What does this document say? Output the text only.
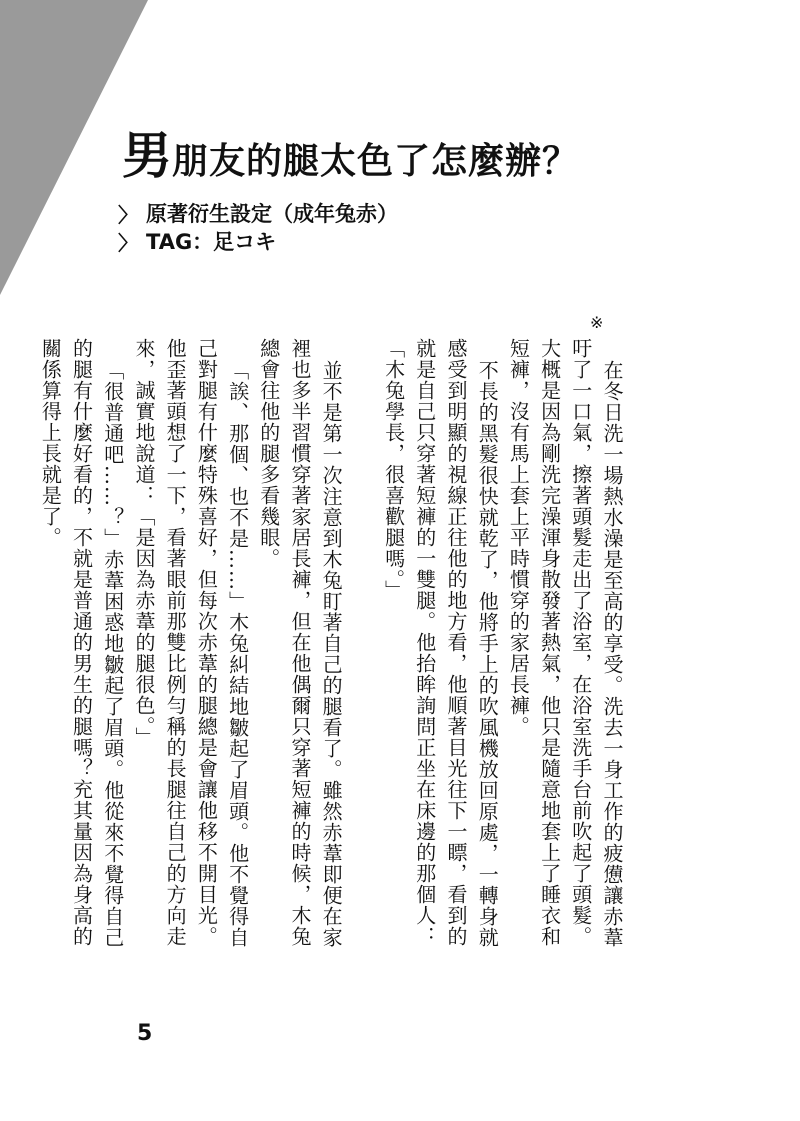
男 朋友的腿太色了怎麼辦？
〉 原著衍生設定（成年兔赤）
〉 TAG：足コキ
※

在冬日洗一場熱水澡是至高的享受。洗去一身工作的疲憊讓赤葦吁了一口氣，擦著頭髮走出了浴室，在浴室洗手台前吹起了頭髮。大概是因為剛洗完澡渾身散發著熱氣，他只是隨意地套上了睡衣和短褲，沒有馬上套上平時慣穿的家居長褲。

不長的黑髮很快就乾了，他將手上的吹風機放回原處，一轉身就感受到明顯的視線正往他的地方看，他順著目光往下一瞟，看到的就是自己只穿著短褲的一雙腿。他抬眸詢問正坐在床邊的那個人：「木兔學長，很喜歡腿嗎。」

並不是第一次注意到木兔盯著自己的腿看了。雖然赤葦即便在家裡也多半習慣穿著家居長褲，但在他偶爾只穿著短褲的時候，木兔總會往他的腿多看幾眼。

「誒、那個、也不是……」木兔糾結地皺起了眉頭。他不覺得自己對腿有什麼特殊喜好，但每次赤葦的腿總是會讓他移不開目光。他歪著頭想了一下，看著眼前那雙比例勻稱的長腿往自己的方向走來，誠實地說道：「是因為赤葦的腿很色。」

「很普通吧……？」赤葦困惑地皺起了眉頭。他從來不覺得自己的腿有什麼好看的，不就是普通的男生的腿嗎？充其量因為身高的關係算得上長就是了。

5
